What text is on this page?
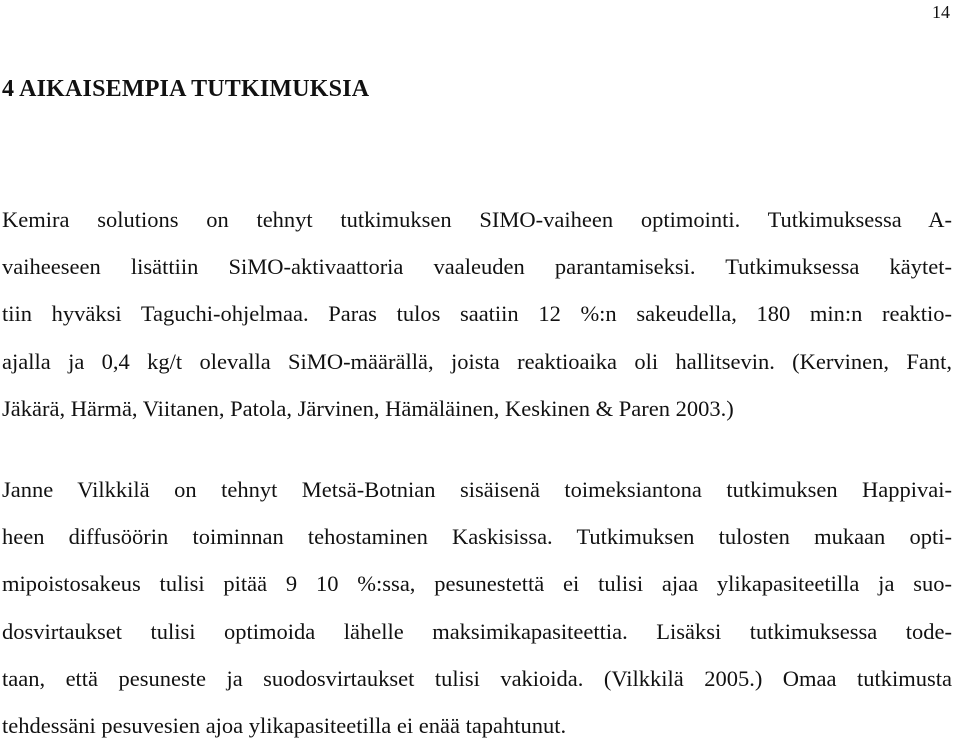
14
4 AIKAISEMPIA TUTKIMUKSIA

Kemira solutions on tehnyt tutkimuksen SIMO-vaiheen optimointi. Tutkimuksessa A-
vaiheeseen lisättiin SiMO-aktivaattoria vaaleuden parantamiseksi. Tutkimuksessa käytet-
tiin hyväksi Taguchi-ohjelmaa. Paras tulos saatiin 12 %:n sakeudella, 180 min:n reaktio-
ajalla ja 0,4 kg/t olevalla SiMO-määrällä, joista reaktioaika oli hallitsevin. (Kervinen, Fant,
Jäkärä, Härmä, Viitanen, Patola, Järvinen, Hämäläinen, Keskinen & Paren 2003.)

Janne Vilkkilä on tehnyt Metsä-Botnian sisäisenä toimeksiantona tutkimuksen Happivai-
heen diffusöörin toiminnan tehostaminen Kaskisissa. Tutkimuksen tulosten mukaan opti-
mipoistosakeus tulisi pitää 9 10 %:ssa, pesunestettä ei tulisi ajaa ylikapasiteetilla ja suo-
dosvirtaukset tulisi optimoida lähelle maksimikapasiteettia. Lisäksi tutkimuksessa tode-
taan, että pesuneste ja suodosvirtaukset tulisi vakioida. (Vilkkilä 2005.) Omaa tutkimusta
tehdessäni pesuvesien ajoa ylikapasiteetilla ei enää tapahtunut.
